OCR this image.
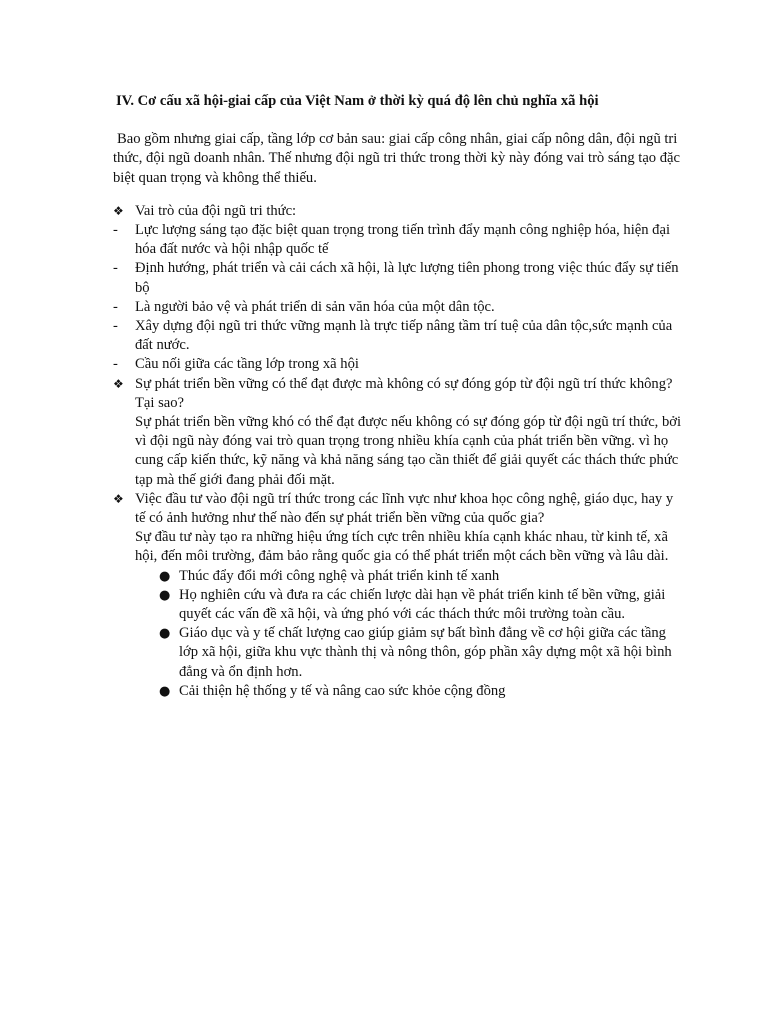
IV. Cơ cấu xã hội-giai cấp của Việt Nam ở thời kỳ quá độ lên chủ nghĩa xã hội
Bao gồm nhưng giai cấp, tầng lớp cơ bản sau: giai cấp công nhân, giai cấp nông dân, đội ngũ tri thức, đội ngũ doanh nhân. Thế nhưng đội ngũ tri thức trong thời kỳ này đóng vai trò sáng tạo đặc biệt quan trọng và không thể thiếu.
❖ Vai trò của đội ngũ tri thức:
-	Lực lượng sáng tạo đặc biệt quan trọng trong tiến trình đẩy mạnh công nghiệp hóa, hiện đại hóa đất nước và hội nhập quốc tế
-	Định hướng, phát triển và cải cách xã hội, là lực lượng tiên phong trong việc thúc đẩy sự tiến bộ
-	Là người bảo vệ và phát triển di sản văn hóa của một dân tộc.
-	Xây dựng đội ngũ tri thức vững mạnh là trực tiếp nâng tầm trí tuệ của dân tộc,sức mạnh của đất nước.
-	Cầu nối giữa các tầng lớp trong xã hội
❖ Sự phát triển bền vững có thể đạt được mà không có sự đóng góp từ đội ngũ trí thức không? Tại sao?
Sự phát triển bền vững khó có thể đạt được nếu không có sự đóng góp từ đội ngũ trí thức, bởi vì đội ngũ này đóng vai trò quan trọng trong nhiều khía cạnh của phát triển bền vững. vì họ cung cấp kiến thức, kỹ năng và khả năng sáng tạo cần thiết để giải quyết các thách thức phức tạp mà thế giới đang phải đối mặt.
❖ Việc đầu tư vào đội ngũ trí thức trong các lĩnh vực như khoa học công nghệ, giáo dục, hay y tế có ảnh hưởng như thế nào đến sự phát triển bền vững của quốc gia?
Sự đầu tư này tạo ra những hiệu ứng tích cực trên nhiều khía cạnh khác nhau, từ kinh tế, xã hội, đến môi trường, đảm bảo rằng quốc gia có thể phát triển một cách bền vững và lâu dài.
● Thúc đẩy đổi mới công nghệ và phát triển kinh tế xanh
● Họ nghiên cứu và đưa ra các chiến lược dài hạn về phát triển kinh tế bền vững, giải quyết các vấn đề xã hội, và ứng phó với các thách thức môi trường toàn cầu.
● Giáo dục và y tế chất lượng cao giúp giảm sự bất bình đẳng về cơ hội giữa các tầng lớp xã hội, giữa khu vực thành thị và nông thôn, góp phần xây dựng một xã hội bình đẳng và ổn định hơn.
● Cải thiện hệ thống y tế và nâng cao sức khỏe cộng đồng
